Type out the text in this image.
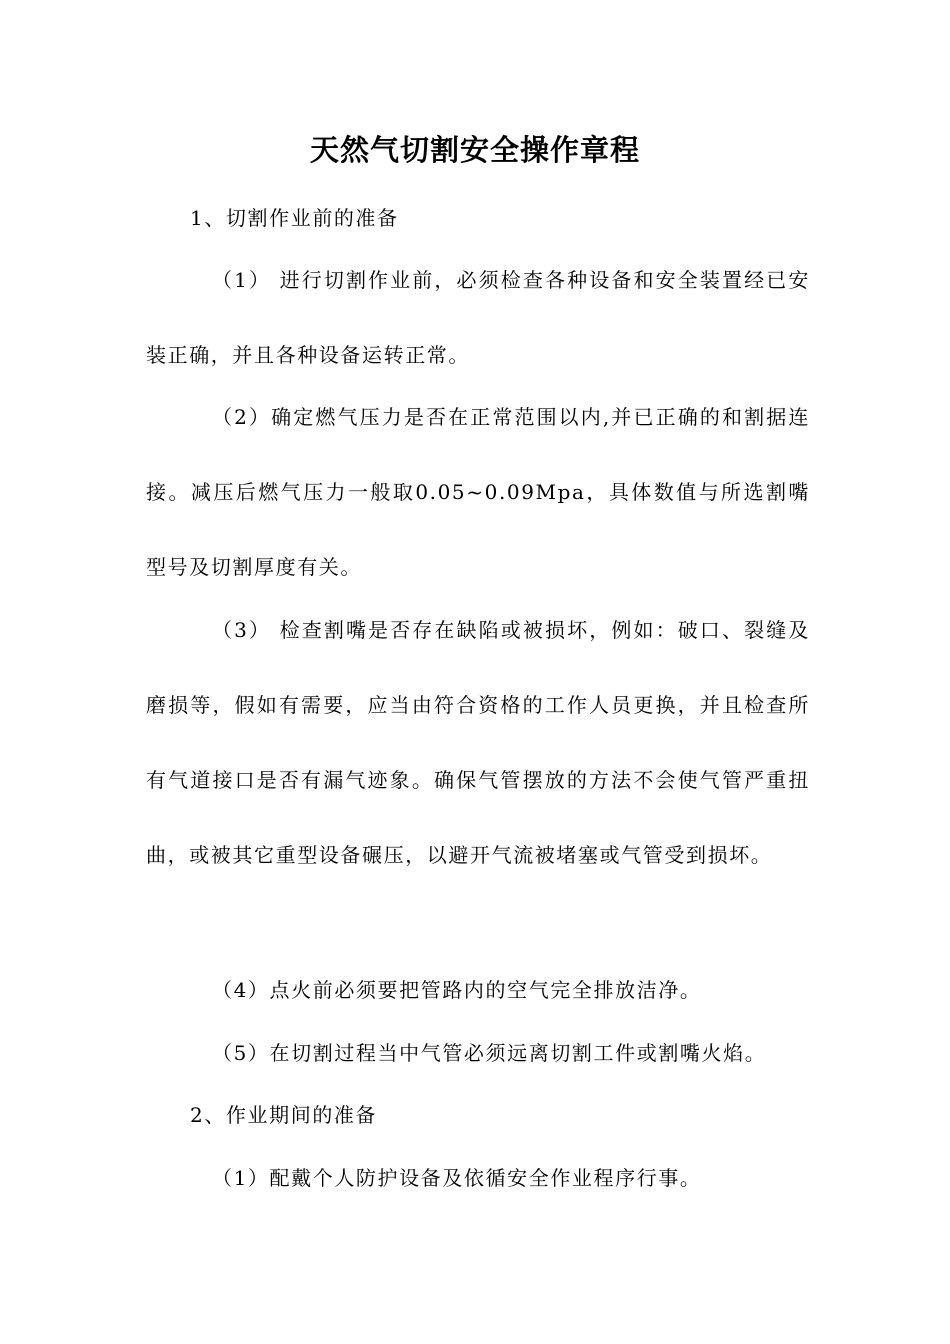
天然气切割安全操作章程

1、切割作业前的准备

（1） 进行切割作业前，必须检查各种设备和安全装置经已安装正确，并且各种设备运转正常。

（2）确定燃气压力是否在正常范围以内,并已正确的和割据连接。减压后燃气压力一般取0.05~0.09Mpa，具体数值与所选割嘴型号及切割厚度有关。

（3） 检查割嘴是否存在缺陷或被损坏，例如：破口、裂缝及磨损等，假如有需要，应当由符合资格的工作人员更换，并且检查所有气道接口是否有漏气迹象。确保气管摆放的方法不会使气管严重扭曲，或被其它重型设备碾压，以避开气流被堵塞或气管受到损坏。

（4）点火前必须要把管路内的空气完全排放洁净。

（5）在切割过程当中气管必须远离切割工件或割嘴火焰。

2、作业期间的准备

（1）配戴个人防护设备及依循安全作业程序行事。
